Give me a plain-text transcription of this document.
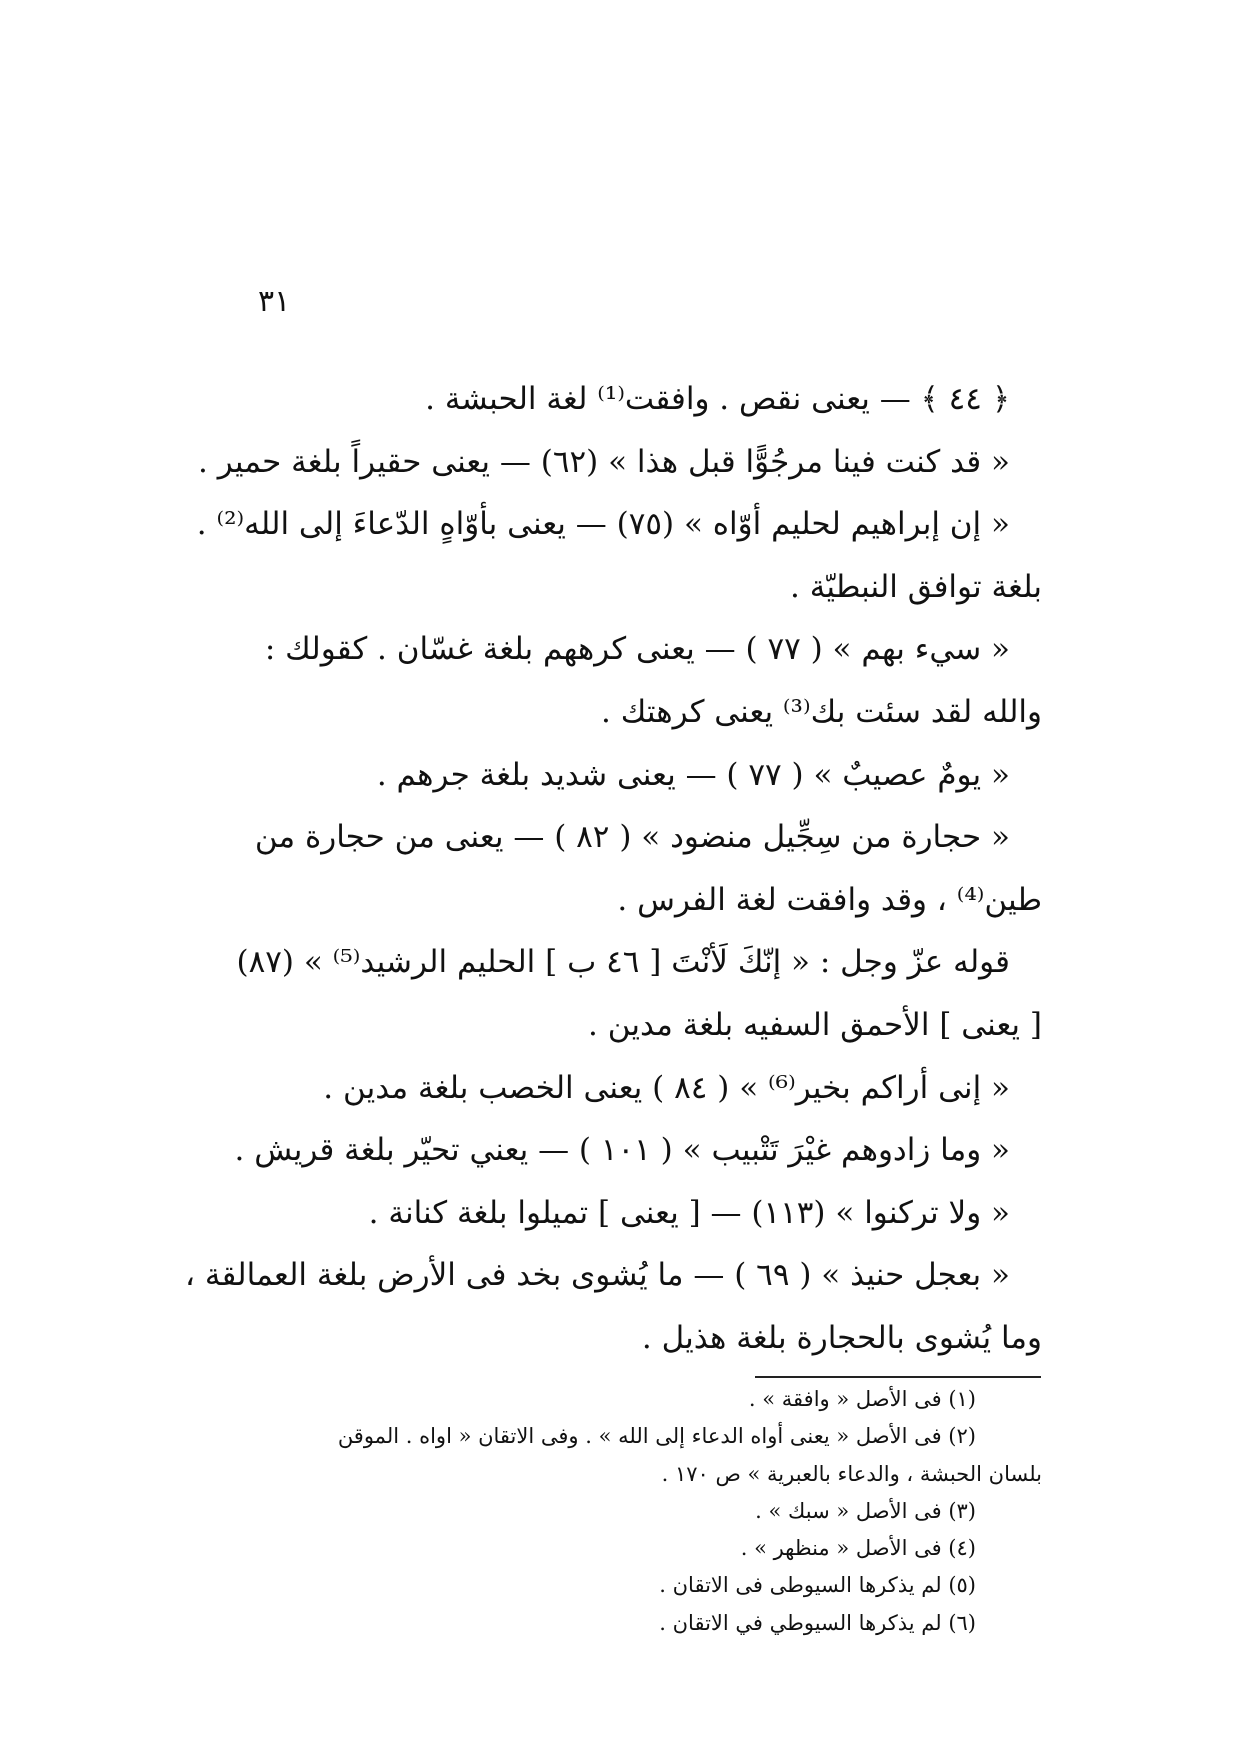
٣١
﴿ ٤٤ ﴾ — يعنى نقص . وافقت⁽¹⁾ لغة الحبشة .
« قد كنت فينا مرجُوًّا قبل هذا » (٦٢) — يعنى حقيراً بلغة حمير .
« إن إبراهيم لحليم أوّاه » (٧٥) — يعنى بأوّاهٍ الدّعاءَ إلى الله⁽²⁾ .
بلغة توافق النبطيّة .
« سيء بهم » ( ٧٧ ) — يعنى كرههم بلغة غسّان . كقولك :
والله لقد سئت بك⁽³⁾ يعنى كرهتك .
« يومٌ عصيبٌ » ( ٧٧ ) — يعنى شديد بلغة جرهم .
« حجارة من سِجِّيل منضود » ( ٨٢ ) — يعنى من حجارة من
طين⁽⁴⁾ ، وقد وافقت لغة الفرس .
قوله عزّ وجل : « إنّكَ لَأنْتَ [ ٤٦ ب ] الحليم الرشيد⁽⁵⁾ » (٨٧)
[ يعنى ] الأحمق السفيه بلغة مدين .
« إنى أراكم بخير⁽⁶⁾ » ( ٨٤ ) يعنى الخصب بلغة مدين .
« وما زادوهم غيْرَ تَتْبيب » ( ١٠١ ) — يعني تحيّر بلغة قريش .
« ولا تركنوا » (١١٣) — [ يعنى ] تميلوا بلغة كنانة .
« بعجل حنيذ » ( ٦٩ ) — ما يُشوى بخد فى الأرض بلغة العمالقة ،
وما يُشوى بالحجارة بلغة هذيل .
(١) فى الأصل « وافقة » .
(٢) فى الأصل « يعنى أواه الدعاء إلى الله » . وفى الاتقان « اواه . الموقن
بلسان الحبشة ، والدعاء بالعبرية » ص ١٧٠ .
(٣) فى الأصل « سبك » .
(٤) فى الأصل « منظهر » .
(٥) لم يذكرها السيوطى فى الاتقان .
(٦) لم يذكرها السيوطي في الاتقان .
